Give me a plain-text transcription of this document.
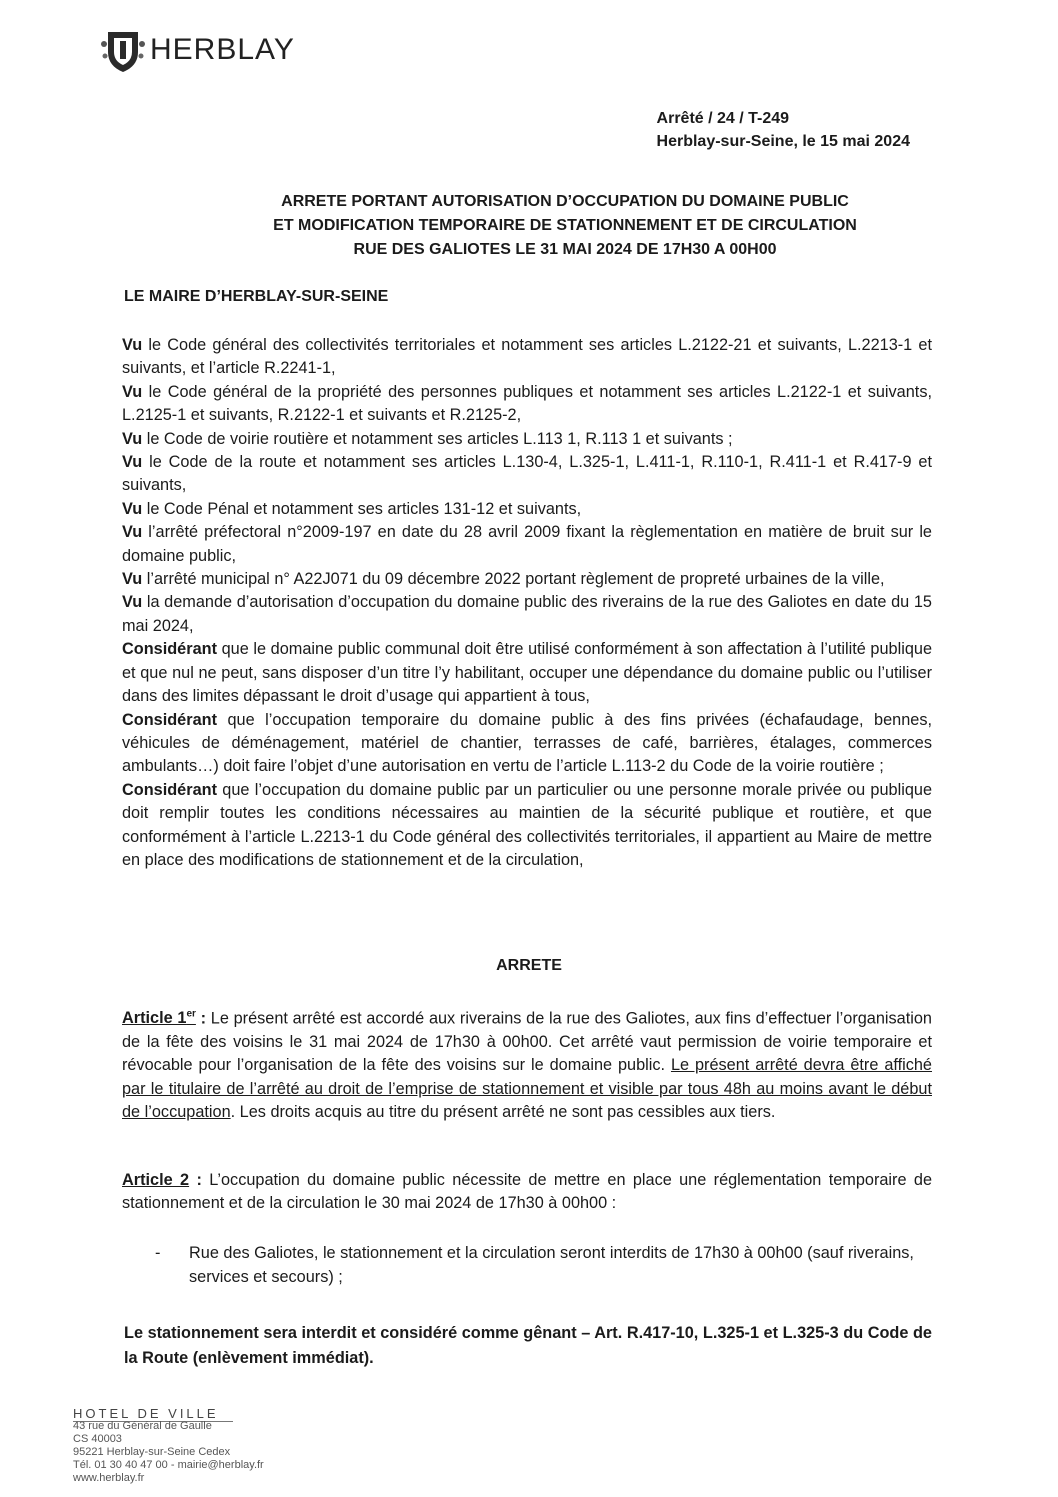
HERBLAY
Arrêté / 24 / T-249
Herblay-sur-Seine, le 15 mai 2024
ARRETE PORTANT AUTORISATION D’OCCUPATION DU DOMAINE PUBLIC
ET MODIFICATION TEMPORAIRE DE STATIONNEMENT ET DE CIRCULATION
RUE DES GALIOTES LE 31 MAI 2024 DE 17H30 A 00H00
LE MAIRE D’HERBLAY-SUR-SEINE

Vu le Code général des collectivités territoriales et notamment ses articles L.2122-21 et suivants, L.2213-1 et suivants, et l’article R.2241-1,

Vu le Code général de la propriété des personnes publiques et notamment ses articles L.2122-1 et suivants, L.2125-1 et suivants, R.2122-1 et suivants et R.2125-2,

Vu le Code de voirie routière et notamment ses articles L.113 1, R.113 1 et suivants ;

Vu le Code de la route et notamment ses articles L.130-4, L.325-1, L.411-1, R.110-1, R.411-1 et R.417-9 et suivants,

Vu le Code Pénal et notamment ses articles 131-12 et suivants,

Vu l’arrêté préfectoral n°2009-197 en date du 28 avril 2009 fixant la règlementation en matière de bruit sur le domaine public,

Vu l’arrêté municipal n° A22J071 du 09 décembre 2022 portant règlement de propreté urbaines de la ville,

Vu la demande d’autorisation d’occupation du domaine public des riverains de la rue des Galiotes en date du 15 mai 2024,

Considérant que le domaine public communal doit être utilisé conformément à son affectation à l’utilité publique et que nul ne peut, sans disposer d’un titre l’y habilitant, occuper une dépendance du domaine public ou l’utiliser dans des limites dépassant le droit d’usage qui appartient à tous,

Considérant que l’occupation temporaire du domaine public à des fins privées (échafaudage, bennes, véhicules de déménagement, matériel de chantier, terrasses de café, barrières, étalages, commerces ambulants…) doit faire l’objet d’une autorisation en vertu de l’article L.113-2 du Code de la voirie routière ;

Considérant que l’occupation du domaine public par un particulier ou une personne morale privée ou publique doit remplir toutes les conditions nécessaires au maintien de la sécurité publique et routière, et que conformément à l’article L.2213-1 du Code général des collectivités territoriales, il appartient au Maire de mettre en place des modifications de stationnement et de la circulation,

ARRETE
Article 1er : Le présent arrêté est accordé aux riverains de la rue des Galiotes, aux fins d’effectuer l’organisation de la fête des voisins le 31 mai 2024 de 17h30 à 00h00. Cet arrêté vaut permission de voirie temporaire et révocable pour l’organisation de la fête des voisins sur le domaine public. Le présent arrêté devra être affiché par le titulaire de l’arrêté au droit de l’emprise de stationnement et visible par tous 48h au moins avant le début de l’occupation. Les droits acquis au titre du présent arrêté ne sont pas cessibles aux tiers.
Article 2 : L’occupation du domaine public nécessite de mettre en place une réglementation temporaire de stationnement et de la circulation le 30 mai 2024 de 17h30 à 00h00 :
-	Rue des Galiotes, le stationnement et la circulation seront interdits de 17h30 à 00h00 (sauf riverains, services et secours) ;
Le stationnement sera interdit et considéré comme gênant – Art. R.417-10, L.325-1 et L.325-3 du Code de la Route (enlèvement immédiat).
HOTEL DE VILLE
43 rue du Général de Gaulle
CS 40003
95221 Herblay-sur-Seine Cedex
Tél. 01 30 40 47 00 - mairie@herblay.fr
www.herblay.fr
